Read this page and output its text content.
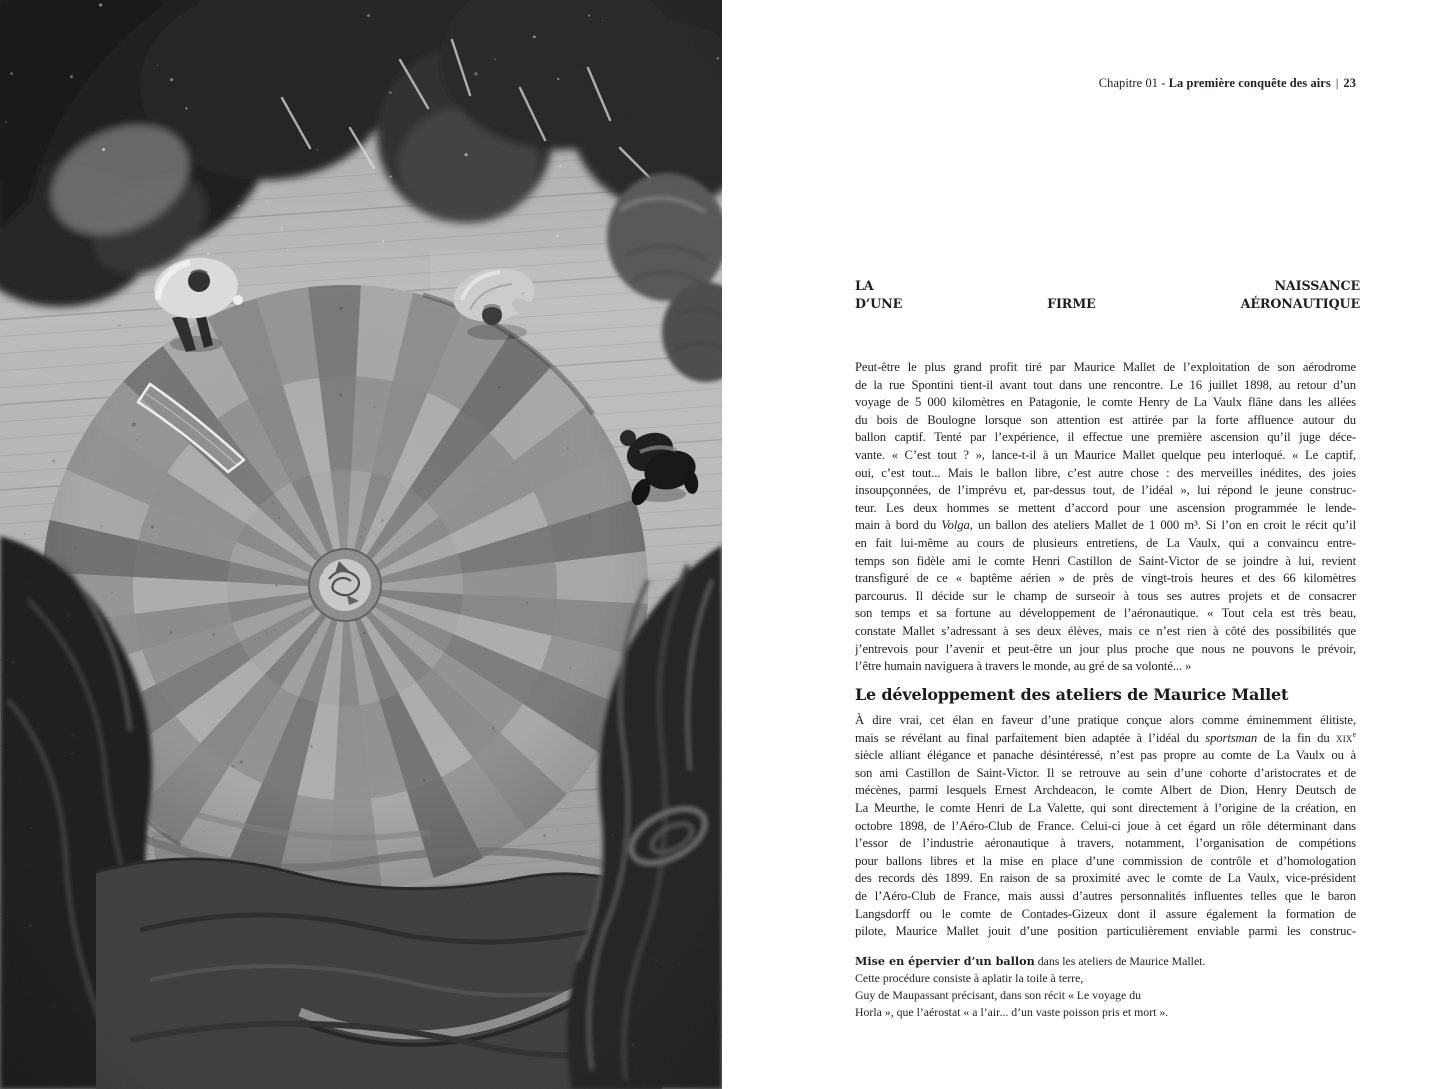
Chapitre 01 - La première conquête des airs | 23
LA NAISSANCE
D’UNE FIRME AÉRONAUTIQUE
Peut-être le plus grand profit tiré par Maurice Mallet de l’exploitation de son aérodrome
de la rue Spontini tient-il avant tout dans une rencontre. Le 16 juillet 1898, au retour d’un
voyage de 5 000 kilomètres en Patagonie, le comte Henry de La Vaulx flâne dans les allées
du bois de Boulogne lorsque son attention est attirée par la forte affluence autour du
ballon captif. Tenté par l’expérience, il effectue une première ascension qu’il juge déce-
vante. « C’est tout ? », lance-t-il à un Maurice Mallet quelque peu interloqué. « Le captif,
oui, c’est tout... Mais le ballon libre, c’est autre chose : des merveilles inédites, des joies
insoupçonnées, de l’imprévu et, par-dessus tout, de l’idéal », lui répond le jeune construc-
teur. Les deux hommes se mettent d’accord pour une ascension programmée le lende-
main à bord du Volga, un ballon des ateliers Mallet de 1 000 m³. Si l’on en croit le récit qu’il
en fait lui-même au cours de plusieurs entretiens, de La Vaulx, qui a convaincu entre-
temps son fidèle ami le comte Henri Castillon de Saint-Victor de se joindre à lui, revient
transfiguré de ce « baptême aérien » de près de vingt-trois heures et des 66 kilomètres
parcourus. Il décide sur le champ de surseoir à tous ses autres projets et de consacrer
son temps et sa fortune au développement de l’aéronautique. « Tout cela est très beau,
constate Mallet s’adressant à ses deux élèves, mais ce n’est rien à côté des possibilités que
j’entrevois pour l’avenir et peut-être un jour plus proche que nous ne pouvons le prévoir,
l’être humain naviguera à travers le monde, au gré de sa volonté... »
Le développement des ateliers de Maurice Mallet
À dire vrai, cet élan en faveur d’une pratique conçue alors comme éminemment élitiste,
mais se révélant au final parfaitement bien adaptée à l’idéal du sportsman de la fin du xix$^e$
siècle alliant élégance et panache désintéressé, n’est pas propre au comte de La Vaulx ou à
son ami Castillon de Saint-Victor. Il se retrouve au sein d’une cohorte d’aristocrates et de
mécènes, parmi lesquels Ernest Archdeacon, le comte Albert de Dion, Henry Deutsch de
La Meurthe, le comte Henri de La Valette, qui sont directement à l’origine de la création, en
octobre 1898, de l’Aéro-Club de France. Celui-ci joue à cet égard un rôle déterminant dans
l’essor de l’industrie aéronautique à travers, notamment, l’organisation de compétions
pour ballons libres et la mise en place d’une commission de contrôle et d’homologation
des records dès 1899. En raison de sa proximité avec le comte de La Vaulx, vice-président
de l’Aéro-Club de France, mais aussi d’autres personnalités influentes telles que le baron
Langsdorff ou le comte de Contades-Gizeux dont il assure également la formation de
pilote, Maurice Mallet jouit d’une position particulièrement enviable parmi les construc-
Mise en épervier d’un ballon dans les ateliers de Maurice Mallet.
Cette procédure consiste à aplatir la toile à terre,
Guy de Maupassant précisant, dans son récit « Le voyage du
Horla », que l’aérostat « a l’air... d’un vaste poisson pris et mort ».
